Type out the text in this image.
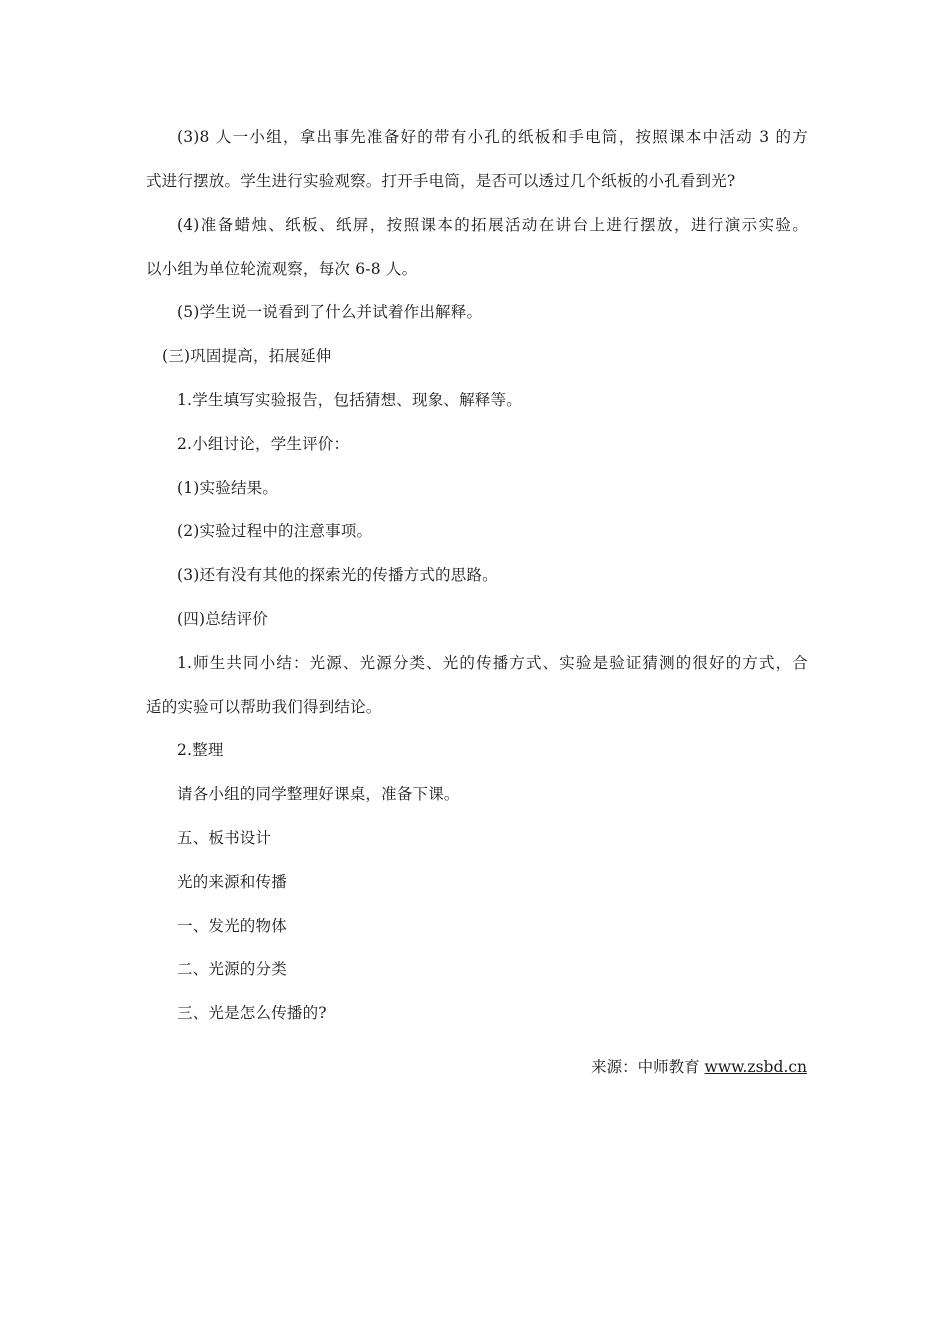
(3)8 人一小组，拿出事先准备好的带有小孔的纸板和手电筒，按照课本中活动 3 的方
式进行摆放。学生进行实验观察。打开手电筒，是否可以透过几个纸板的小孔看到光?
(4)准备蜡烛、纸板、纸屏，按照课本的拓展活动在讲台上进行摆放，进行演示实验。
以小组为单位轮流观察，每次 6-8 人。
(5)学生说一说看到了什么并试着作出解释。
(三)巩固提高，拓展延伸
1.学生填写实验报告，包括猜想、现象、解释等。
2.小组讨论，学生评价：
(1)实验结果。
(2)实验过程中的注意事项。
(3)还有没有其他的探索光的传播方式的思路。
(四)总结评价
1.师生共同小结：光源、光源分类、光的传播方式、实验是验证猜测的很好的方式，合
适的实验可以帮助我们得到结论。
2.整理
请各小组的同学整理好课桌，准备下课。
五、板书设计
光的来源和传播
一、发光的物体
二、光源的分类
三、光是怎么传播的?
来源：中师教育 www.zsbd.cn
